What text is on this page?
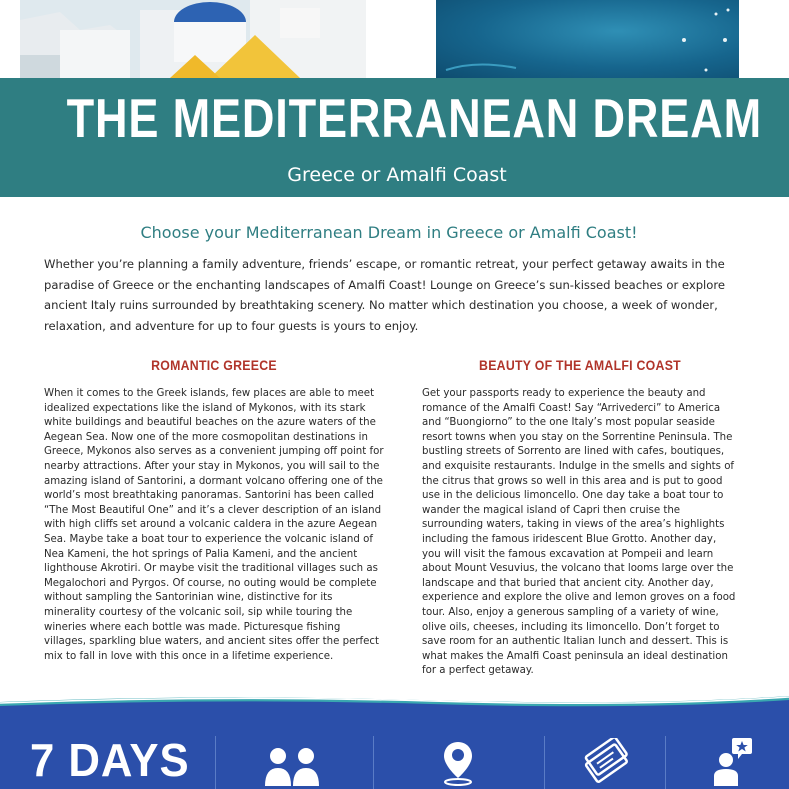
THE MEDITERRANEAN DREAM
Greece or Amalfi Coast
Choose your Mediterranean Dream in Greece or Amalfi Coast!

Whether you’re planning a family adventure, friends’ escape, or romantic retreat, your perfect getaway awaits in the paradise of Greece or the enchanting landscapes of Amalfi Coast! Lounge on Greece’s sun-kissed beaches or explore ancient Italy ruins surrounded by breathtaking scenery. No matter which destination you choose, a week of wonder, relaxation, and adventure for up to four guests is yours to enjoy.

ROMANTIC GREECE

When it comes to the Greek islands, few places are able to meet idealized expectations like the island of Mykonos, with its stark white buildings and beautiful beaches on the azure waters of the Aegean Sea. Now one of the more cosmopolitan destinations in Greece, Mykonos also serves as a convenient jumping off point for nearby attractions. After your stay in Mykonos, you will sail to the amazing island of Santorini, a dormant volcano offering one of the world’s most breathtaking panoramas. Santorini has been called “The Most Beautiful One” and it’s a clever description of an island with high cliffs set around a volcanic caldera in the azure Aegean Sea. Maybe take a boat tour to experience the volcanic island of Nea Kameni, the hot springs of Palia Kameni, and the ancient lighthouse Akrotiri. Or maybe visit the traditional villages such as Megalochori and Pyrgos. Of course, no outing would be complete without sampling the Santorinian wine, distinctive for its minerality courtesy of the volcanic soil, sip while touring the wineries where each bottle was made. Picturesque fishing villages, sparkling blue waters, and ancient sites offer the perfect mix to fall in love with this once in a lifetime experience.

BEAUTY OF THE AMALFI COAST

Get your passports ready to experience the beauty and romance of the Amalfi Coast! Say “Arrivederci” to America and “Buongiorno” to the one Italy’s most popular seaside resort towns when you stay on the Sorrentine Peninsula. The bustling streets of Sorrento are lined with cafes, boutiques, and exquisite restaurants. Indulge in the smells and sights of the citrus that grows so well in this area and is put to good use in the delicious limoncello. One day take a boat tour to wander the magical island of Capri then cruise the surrounding waters, taking in views of the area’s highlights including the famous iridescent Blue Grotto. Another day, you will visit the famous excavation at Pompeii and learn about Mount Vesuvius, the volcano that looms large over the landscape and that buried that ancient city. Another day, experience and explore the olive and lemon groves on a food tour. Also, enjoy a generous sampling of a variety of wine, olive oils, cheeses, including its limoncello. Don’t forget to save room for an authentic Italian lunch and dessert. This is what makes the Amalfi Coast peninsula an ideal destination for a perfect getaway.

7 DAYS
